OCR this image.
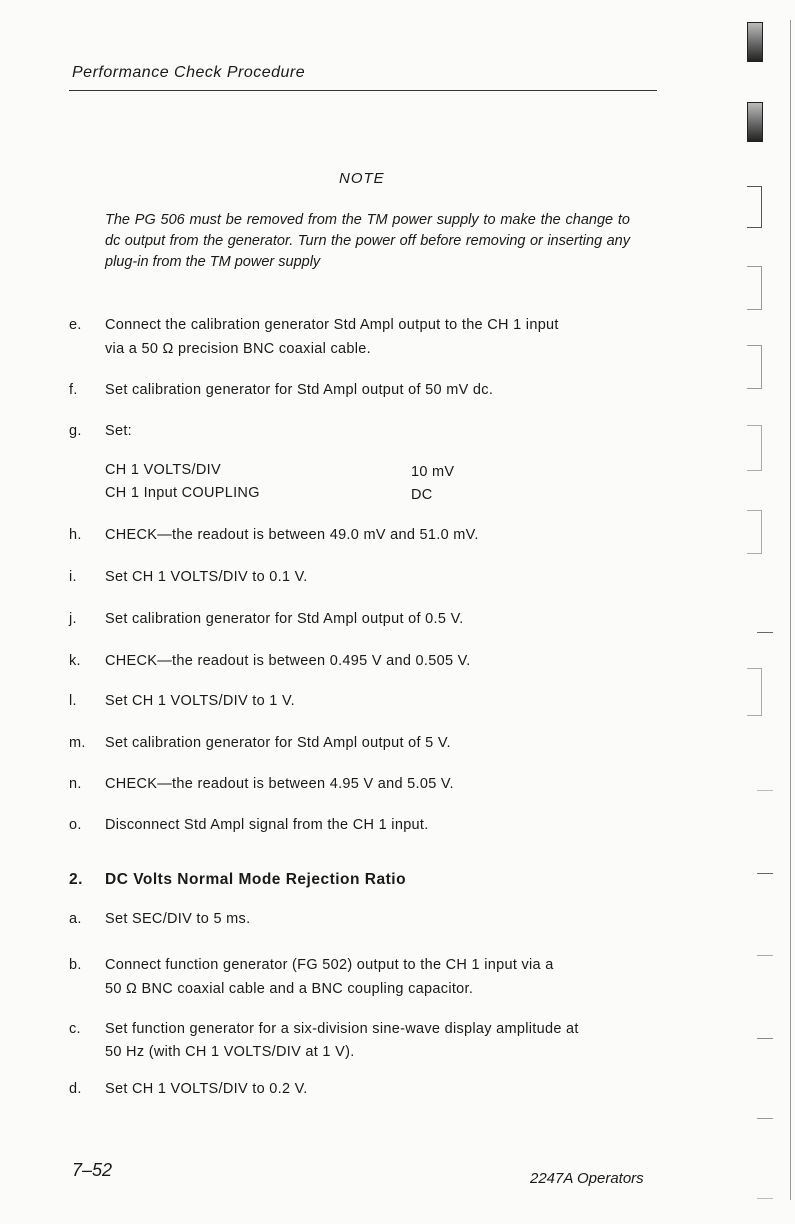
Performance Check Procedure
NOTE
The PG 506 must be removed from the TM power supply to make the change to dc output from the generator. Turn the power off before removing or inserting any plug-in from the TM power supply
e.	Connect the calibration generator Std Ampl output to the CH 1 input
via a 50 Ω precision BNC coaxial cable.
f.	Set calibration generator for Std Ampl output of 50 mV dc.
g.	Set:
CH 1 VOLTS/DIV	10 mV
CH 1 Input COUPLING	DC
h.	CHECK—the readout is between 49.0 mV and 51.0 mV.
i.	Set CH 1 VOLTS/DIV to 0.1 V.
j.	Set calibration generator for Std Ampl output of 0.5 V.
k.	CHECK—the readout is between 0.495 V and 0.505 V.
l.	Set CH 1 VOLTS/DIV to 1 V.
m.	Set calibration generator for Std Ampl output of 5 V.
n.	CHECK—the readout is between 4.95 V and 5.05 V.
o.	Disconnect Std Ampl signal from the CH 1 input.
2.	DC Volts Normal Mode Rejection Ratio
a.	Set SEC/DIV to 5 ms.
b.	Connect function generator (FG 502) output to the CH 1 input via a
50 Ω BNC coaxial cable and a BNC coupling capacitor.
c.	Set function generator for a six-division sine-wave display amplitude at
50 Hz (with CH 1 VOLTS/DIV at 1 V).
d.	Set CH 1 VOLTS/DIV to 0.2 V.
7–52	2247A Operators
